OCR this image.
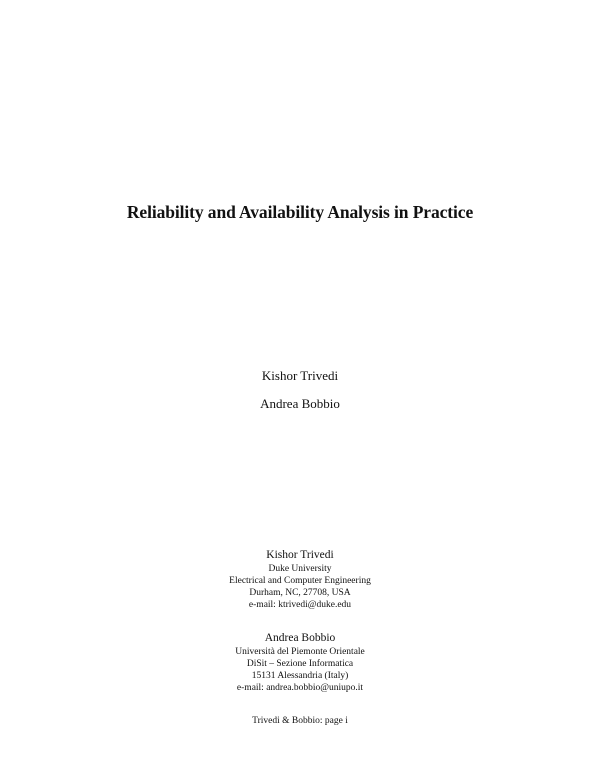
Reliability and Availability Analysis in Practice
Kishor Trivedi
Andrea Bobbio
Kishor Trivedi
Duke University
Electrical and Computer Engineering
Durham, NC, 27708, USA
e-mail: ktrivedi@duke.edu
Andrea Bobbio
Università del Piemonte Orientale
DiSit – Sezione Informatica
15131 Alessandria (Italy)
e-mail: andrea.bobbio@uniupo.it
Trivedi & Bobbio: page i
